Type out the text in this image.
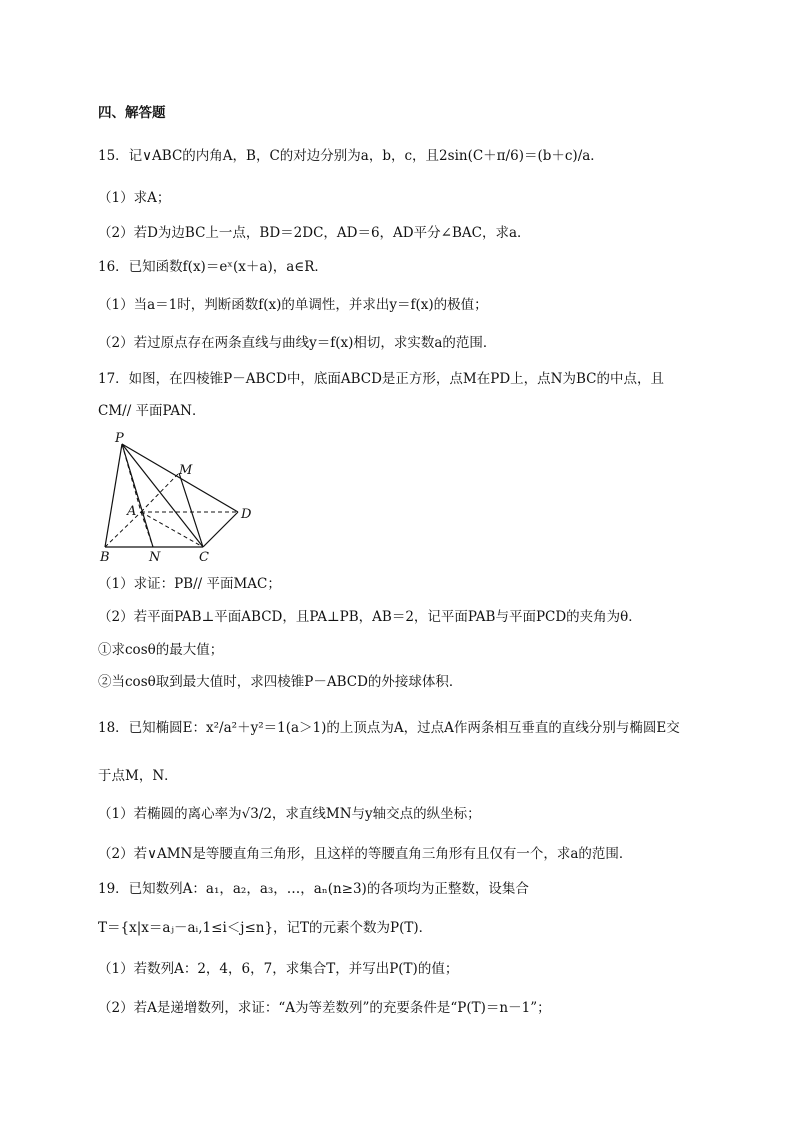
四、解答题
15．记∨ABC的内角A，B，C的对边分别为a，b，c，且2sin(C＋π/6)＝(b＋c)/a．
（1）求A；
（2）若D为边BC上一点，BD＝2DC，AD＝6，AD平分∠BAC，求a．
16．已知函数f(x)＝eˣ(x＋a)，a∈R．
（1）当a＝1时，判断函数f(x)的单调性，并求出y＝f(x)的极值；
（2）若过原点存在两条直线与曲线y＝f(x)相切，求实数a的范围．
17．如图，在四棱锥P－ABCD中，底面ABCD是正方形，点M在PD上，点N为BC的中点，且
CM// 平面PAN．
P
M
A	D
B	N	C
（1）求证：PB// 平面MAC；
（2）若平面PAB⊥平面ABCD，且PA⊥PB，AB＝2，记平面PAB与平面PCD的夹角为θ．
①求cosθ的最大值；
②当cosθ取到最大值时，求四棱锥P－ABCD的外接球体积．
18．已知椭圆E：x²/a²＋y²＝1(a＞1)的上顶点为A，过点A作两条相互垂直的直线分别与椭圆E交
于点M，N．
（1）若椭圆的离心率为√3/2，求直线MN与y轴交点的纵坐标；
（2）若∨AMN是等腰直角三角形，且这样的等腰直角三角形有且仅有一个，求a的范围．
19．已知数列A：a₁，a₂，a₃，…，aₙ(n≥3)的各项均为正整数，设集合
T＝{x|x＝aⱼ－aᵢ,1≤i＜j≤n}，记T的元素个数为P(T)．
（1）若数列A：2，4，6，7，求集合T，并写出P(T)的值；
（2）若A是递增数列，求证：“A为等差数列”的充要条件是“P(T)＝n－1”；
